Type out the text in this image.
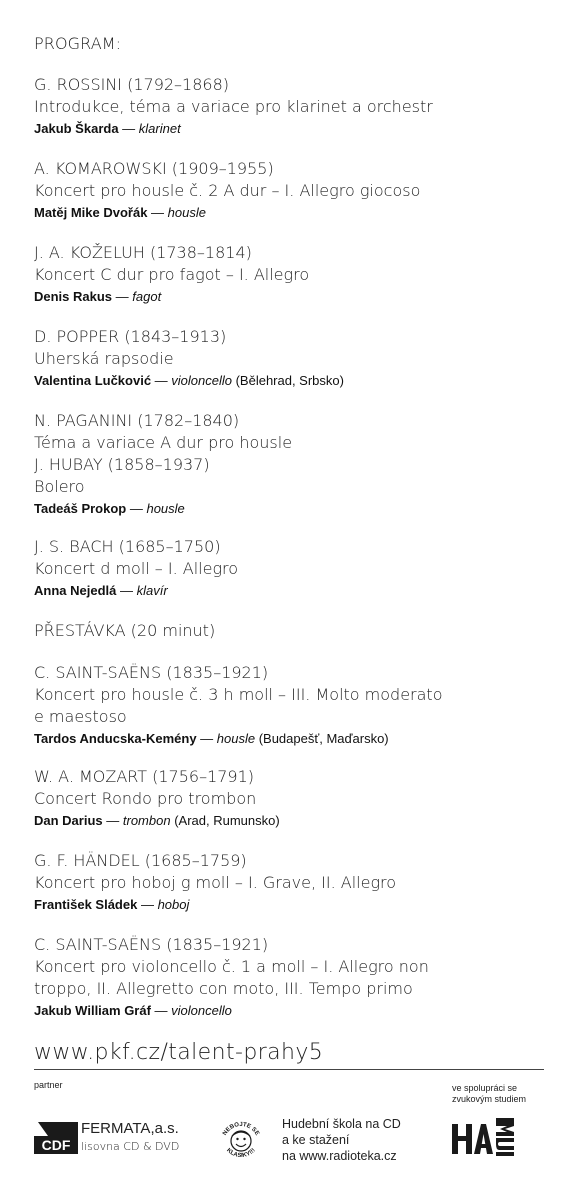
PROGRAM:
G. ROSSINI (1792–1868)
Introdukce, téma a variace pro klarinet a orchestr
Jakub Škarda — klarinet
A. KOMAROWSKI (1909–1955)
Koncert pro housle č. 2 A dur – I. Allegro giocoso
Matěj Mike Dvořák — housle
J. A. KOŽELUH (1738–1814)
Koncert C dur pro fagot – I. Allegro
Denis Rakus — fagot
D. POPPER (1843–1913)
Uherská rapsodie
Valentina Lučković — violoncello (Bělehrad, Srbsko)
N. PAGANINI (1782–1840)
Téma a variace A dur pro housle
J. HUBAY (1858–1937)
Bolero
Tadeáš Prokop — housle
J. S. BACH (1685–1750)
Koncert d moll – I. Allegro
Anna Nejedlá — klavír
PŘESTÁVKA (20 minut)
C. SAINT-SAËNS (1835–1921)
Koncert pro housle č. 3 h moll – III. Molto moderato
e maestoso
Tardos Anducska-Kemény — housle (Budapešť, Maďarsko)
W. A. MOZART (1756–1791)
Concert Rondo pro trombon
Dan Darius — trombon (Arad, Rumunsko)
G. F. HÄNDEL (1685–1759)
Koncert pro hoboj g moll – I. Grave, II. Allegro
František Sládek — hoboj
C. SAINT-SAËNS (1835–1921)
Koncert pro violoncello č. 1 a moll – I. Allegro non
troppo, II. Allegretto con moto, III. Tempo primo
Jakub William Gráf — violoncello
www.pkf.cz/talent-prahy5
partner
CDF
FERMATA,a.s.
lisovna CD & DVD
NEBOJTE SE
KLASIKY!!!
Hudební škola na CD
a ke stažení
na www.radioteka.cz
ve spolupráci se
zvukovým studiem
HAMU
